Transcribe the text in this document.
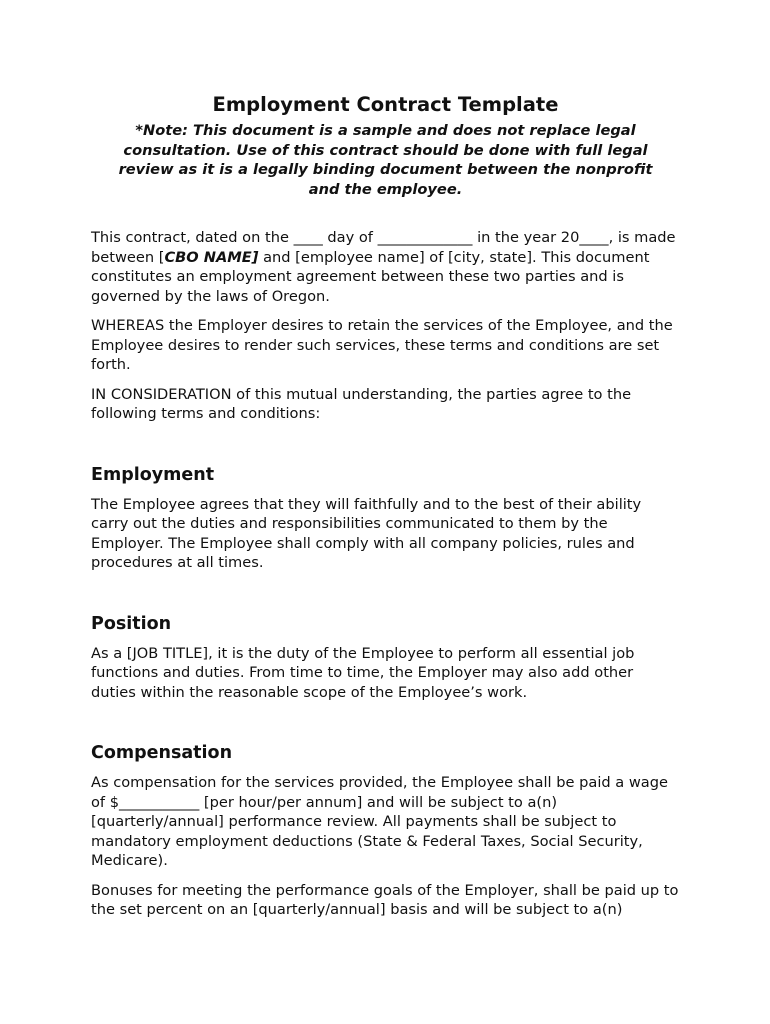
Employment Contract Template

*Note: This document is a sample and does not replace legal consultation. Use of this contract should be done with full legal review as it is a legally binding document between the nonprofit and the employee.

This contract, dated on the ____ day of _____________ in the year 20____, is made between [CBO NAME] and [employee name] of [city, state]. This document constitutes an employment agreement between these two parties and is governed by the laws of Oregon.

WHEREAS the Employer desires to retain the services of the Employee, and the Employee desires to render such services, these terms and conditions are set forth.

IN CONSIDERATION of this mutual understanding, the parties agree to the following terms and conditions:

Employment

The Employee agrees that they will faithfully and to the best of their ability carry out the duties and responsibilities communicated to them by the Employer. The Employee shall comply with all company policies, rules and procedures at all times.

Position

As a [JOB TITLE], it is the duty of the Employee to perform all essential job functions and duties. From time to time, the Employer may also add other duties within the reasonable scope of the Employee’s work.

Compensation

As compensation for the services provided, the Employee shall be paid a wage of $___________ [per hour/per annum] and will be subject to a(n) [quarterly/annual] performance review. All payments shall be subject to mandatory employment deductions (State & Federal Taxes, Social Security, Medicare).

Bonuses for meeting the performance goals of the Employer, shall be paid up to the set percent on an [quarterly/annual] basis and will be subject to a(n)
